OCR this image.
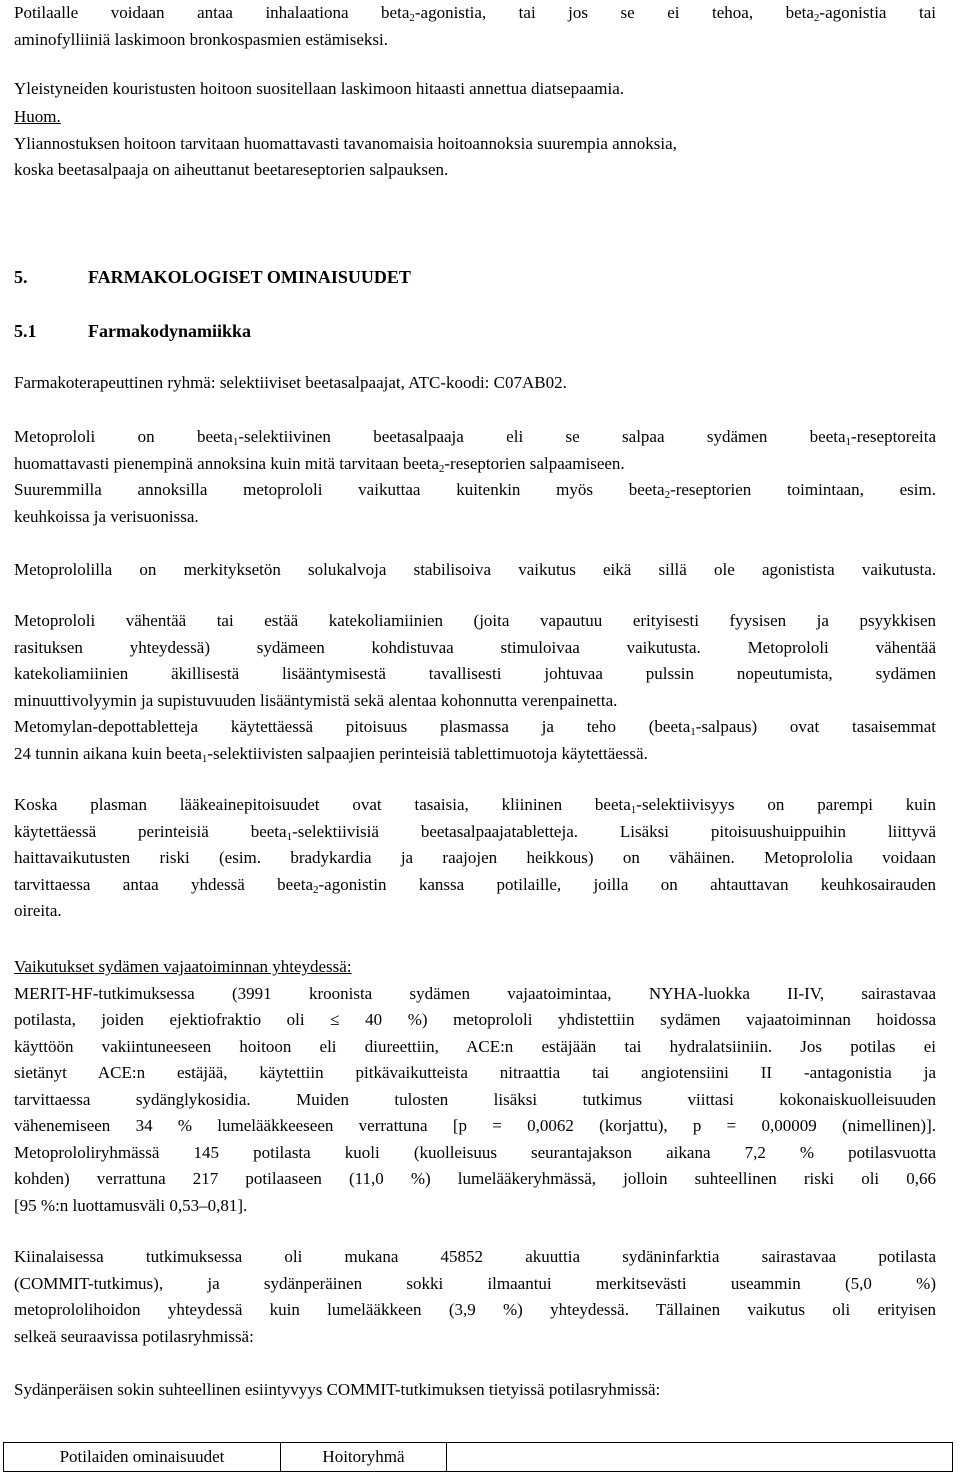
Potilaalle voidaan antaa inhalaationa beta$_2$-agonistia, tai jos se ei tehoa, beta$_2$-agonistia tai
aminofylliiniä laskimoon bronkospasmien estämiseksi.

Yleistyneiden kouristusten hoitoon suositellaan laskimoon hitaasti annettua diatsepaamia.

Huom.
Yliannostuksen hoitoon tarvitaan huomattavasti tavanomaisia hoitoannoksia suurempia annoksia,
koska beetasalpaaja on aiheuttanut beetareseptorien salpauksen.

5.	FARMAKOLOGISET OMINAISUUDET
5.1	Farmakodynamiikka

Farmakoterapeuttinen ryhmä: selektiiviset beetasalpaajat, ATC-koodi: C07AB02.

Metoprololi on beeta$_1$-selektiivinen beetasalpaaja eli se salpaa sydämen beeta$_1$-reseptoreita
huomattavasti pienempinä annoksina kuin mitä tarvitaan beeta$_2$-reseptorien salpaamiseen.
Suuremmilla annoksilla metoprololi vaikuttaa kuitenkin myös beeta$_2$-reseptorien toimintaan, esim.
keuhkoissa ja verisuonissa.

Metoprololilla on merkityksetön solukalvoja stabilisoiva vaikutus eikä sillä ole agonistista vaikutusta.

Metoprololi vähentää tai estää katekoliamiinien (joita vapautuu erityisesti fyysisen ja psyykkisen
rasituksen yhteydessä) sydämeen kohdistuvaa stimuloivaa vaikutusta. Metoprololi vähentää
katekoliamiinien äkillisestä lisääntymisestä tavallisesti johtuvaa pulssin nopeutumista, sydämen
minuuttivolyymin ja supistuvuuden lisääntymistä sekä alentaa kohonnutta verenpainetta.
Metomylan-depottabletteja käytettäessä pitoisuus plasmassa ja teho (beeta$_1$-salpaus) ovat tasaisemmat
24 tunnin aikana kuin beeta$_1$-selektiivisten salpaajien perinteisiä tablettimuotoja käytettäessä.

Koska plasman lääkeainepitoisuudet ovat tasaisia, kliininen beeta$_1$-selektiivisyys on parempi kuin
käytettäessä perinteisiä beeta$_1$-selektiivisiä beetasalpaajatabletteja. Lisäksi pitoisuushuippuihin liittyvä
haittavaikutusten riski (esim. bradykardia ja raajojen heikkous) on vähäinen. Metoprololia voidaan
tarvittaessa antaa yhdessä beeta$_2$-agonistin kanssa potilaille, joilla on ahtauttavan keuhkosairauden
oireita.

Vaikutukset sydämen vajaatoiminnan yhteydessä:
MERIT-HF-tutkimuksessa (3991 kroonista sydämen vajaatoimintaa, NYHA-luokka II-IV, sairastavaa
potilasta, joiden ejektiofraktio oli ≤ 40 %) metoprololi yhdistettiin sydämen vajaatoiminnan hoidossa
käyttöön vakiintuneeseen hoitoon eli diureettiin, ACE:n estäjään tai hydralatsiiniin. Jos potilas ei
sietänyt ACE:n estäjää, käytettiin pitkävaikutteista nitraattia tai angiotensiini II -antagonistia ja
tarvittaessa sydänglykosidia. Muiden tulosten lisäksi tutkimus viittasi kokonaiskuolleisuuden
vähenemiseen 34 % lumelääkkeeseen verrattuna [p = 0,0062 (korjattu), p = 0,00009 (nimellinen)].
Metoprololiryhmässä 145 potilasta kuoli (kuolleisuus seurantajakson aikana 7,2 % potilasvuotta
kohden) verrattuna 217 potilaaseen (11,0 %) lumelääkeryhmässä, jolloin suhteellinen riski oli 0,66
[95 %:n luottamusväli 0,53–0,81].

Kiinalaisessa tutkimuksessa oli mukana 45852 akuuttia sydäninfarktia sairastavaa potilasta
(COMMIT-tutkimus), ja sydänperäinen sokki ilmaantui merkitsevästi useammin (5,0 %)
metoprololihoidon yhteydessä kuin lumelääkkeen (3,9 %) yhteydessä. Tällainen vaikutus oli erityisen
selkeä seuraavissa potilasryhmissä:

Sydänperäisen sokin suhteellinen esiintyvyys COMMIT-tutkimuksen tietyissä potilasryhmissä:

Potilaiden ominaisuudet	Hoitoryhmä
